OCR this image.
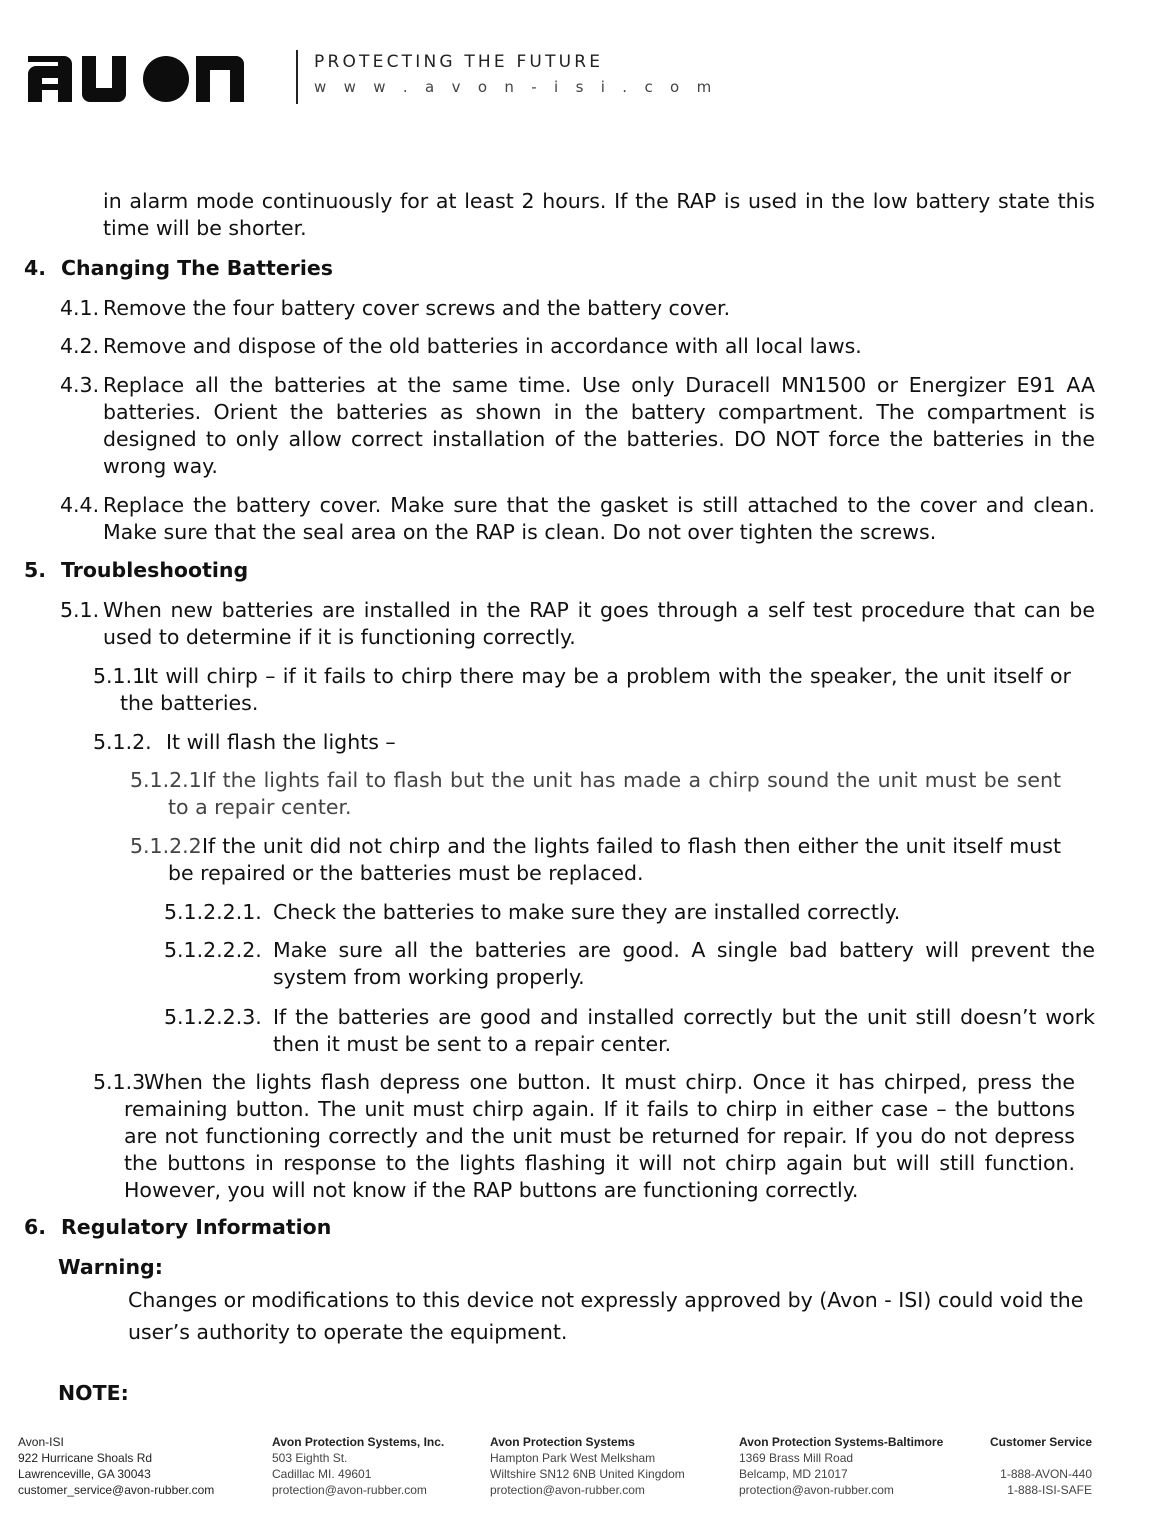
PROTECTING THE FUTURE
w w w . a v o n - i s i . c o m
in alarm mode continuously for at least 2 hours. If the RAP is used in the low battery state this time will be shorter.
4. Changing The Batteries
4.1. Remove the four battery cover screws and the battery cover.
4.2. Remove and dispose of the old batteries in accordance with all local laws.
4.3. Replace all the batteries at the same time. Use only Duracell MN1500 or Energizer E91 AA batteries. Orient the batteries as shown in the battery compartment. The compartment is designed to only allow correct installation of the batteries. DO NOT force the batteries in the wrong way.
4.4. Replace the battery cover. Make sure that the gasket is still attached to the cover and clean. Make sure that the seal area on the RAP is clean. Do not over tighten the screws.
5. Troubleshooting
5.1. When new batteries are installed in the RAP it goes through a self test procedure that can be used to determine if it is functioning correctly.
5.1.1.
It will chirp – if it fails to chirp there may be a problem with the speaker, the unit itself or the batteries.
5.1.2. It will flash the lights –
5.1.2.1.
If the lights fail to flash but the unit has made a chirp sound the unit must be sent to a repair center.
5.1.2.2.
If the unit did not chirp and the lights failed to flash then either the unit itself must be repaired or the batteries must be replaced.
5.1.2.2.1. Check the batteries to make sure they are installed correctly.
5.1.2.2.2. Make sure all the batteries are good. A single bad battery will prevent the system from working properly.
5.1.2.2.3. If the batteries are good and installed correctly but the unit still doesn’t work then it must be sent to a repair center.
5.1.3.
When the lights flash depress one button. It must chirp. Once it has chirped, press the remaining button. The unit must chirp again. If it fails to chirp in either case – the buttons are not functioning correctly and the unit must be returned for repair. If you do not depress the buttons in response to the lights flashing it will not chirp again but will still function. However, you will not know if the RAP buttons are functioning correctly.
6. Regulatory Information
Warning:
Changes or modifications to this device not expressly approved by (Avon - ISI) could void the user’s authority to operate the equipment.
NOTE:
Avon-ISI
922 Hurricane Shoals Rd
Lawrenceville, GA 30043
customer_service@avon-rubber.com
Avon Protection Systems, Inc.
503 Eighth St.
Cadillac MI. 49601
protection@avon-rubber.com
Avon Protection Systems
Hampton Park West Melksham
Wiltshire SN12 6NB United Kingdom
protection@avon-rubber.com
Avon Protection Systems-Baltimore
1369 Brass Mill Road
Belcamp, MD 21017
protection@avon-rubber.com
Customer Service

1-888-AVON-440
1-888-ISI-SAFE
